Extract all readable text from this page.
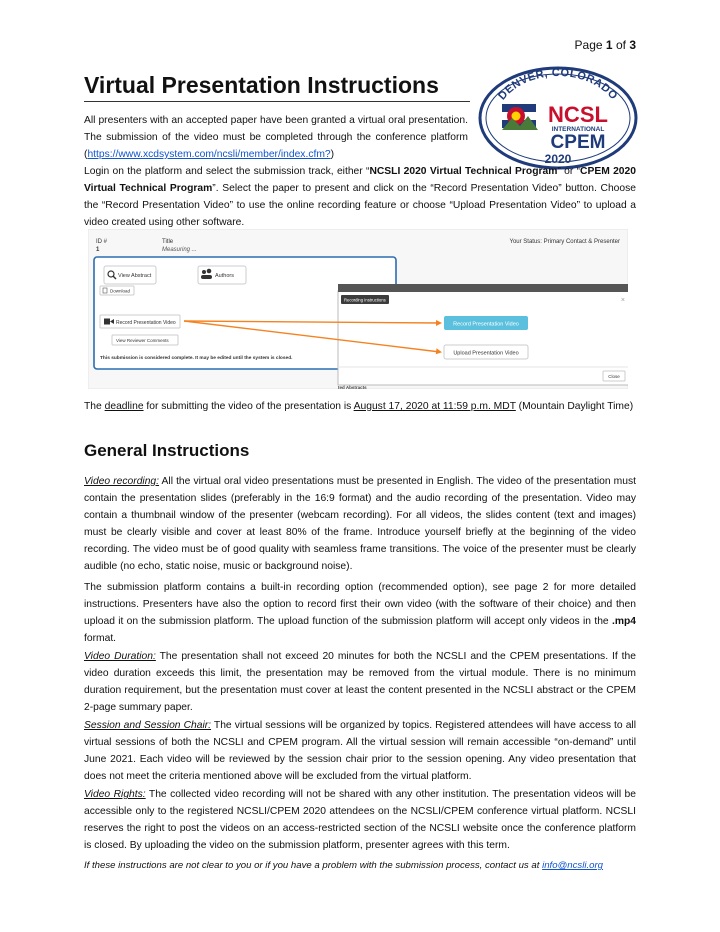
Page 1 of 3
Virtual Presentation Instructions	DENVER, COLORADO
NCSL
INTERNATIONAL
CPEM
2020

All presenters with an accepted paper have been granted a virtual oral presentation. The submission of the video must be completed through the conference platform (https://www.xcdsystem.com/ncsli/member/index.cfm?)

Login on the platform and select the submission track, either “NCSLI 2020 Virtual Technical Program” or “CPEM 2020 Virtual Technical Program”. Select the paper to present and click on the “Record Presentation Video” button. Choose the “Record Presentation Video” to use the online recording feature or choose “Upload Presentation Video” to upload a video created using other software.

ID #
1
Title
Measuring ...
Your Status: Primary Contact & Presenter
View Abstract	Authors
Download
Record Presentation Video
View Reviewer Comments
This submission is considered complete. It may be edited until the system is closed.
Recording Instructions	×
Record Presentation Video
Upload Presentation Video
Close
ted Abstracts

The deadline for submitting the video of the presentation is August 17, 2020 at 11:59 p.m. MDT (Mountain Daylight Time)

General Instructions

Video recording: All the virtual oral video presentations must be presented in English. The video of the presentation must contain the presentation slides (preferably in the 16:9 format) and the audio recording of the presentation. Video may contain a thumbnail window of the presenter (webcam recording). For all videos, the slides content (text and images) must be clearly visible and cover at least 80% of the frame. Introduce yourself briefly at the beginning of the video recording. The video must be of good quality with seamless frame transitions. The voice of the presenter must be clearly audible (no echo, static noise, music or background noise).

The submission platform contains a built-in recording option (recommended option), see page 2 for more detailed instructions. Presenters have also the option to record first their own video (with the software of their choice) and then upload it on the submission platform. The upload function of the submission platform will accept only videos in the .mp4 format.

Video Duration: The presentation shall not exceed 20 minutes for both the NCSLI and the CPEM presentations. If the video duration exceeds this limit, the presentation may be removed from the virtual module. There is no minimum duration requirement, but the presentation must cover at least the content presented in the NCSLI abstract or the CPEM 2-page summary paper.

Session and Session Chair: The virtual sessions will be organized by topics. Registered attendees will have access to all virtual sessions of both the NCSLI and CPEM program. All the virtual session will remain accessible “on-demand” until June 2021. Each video will be reviewed by the session chair prior to the session opening. Any video presentation that does not meet the criteria mentioned above will be excluded from the virtual platform.

Video Rights: The collected video recording will not be shared with any other institution. The presentation videos will be accessible only to the registered NCSLI/CPEM 2020 attendees on the NCSLI/CPEM conference virtual platform. NCSLI reserves the right to post the videos on an access-restricted section of the NCSLI website once the conference platform is closed. By uploading the video on the submission platform, presenter agrees with this term.

If these instructions are not clear to you or if you have a problem with the submission process, contact us at info@ncsli.org
